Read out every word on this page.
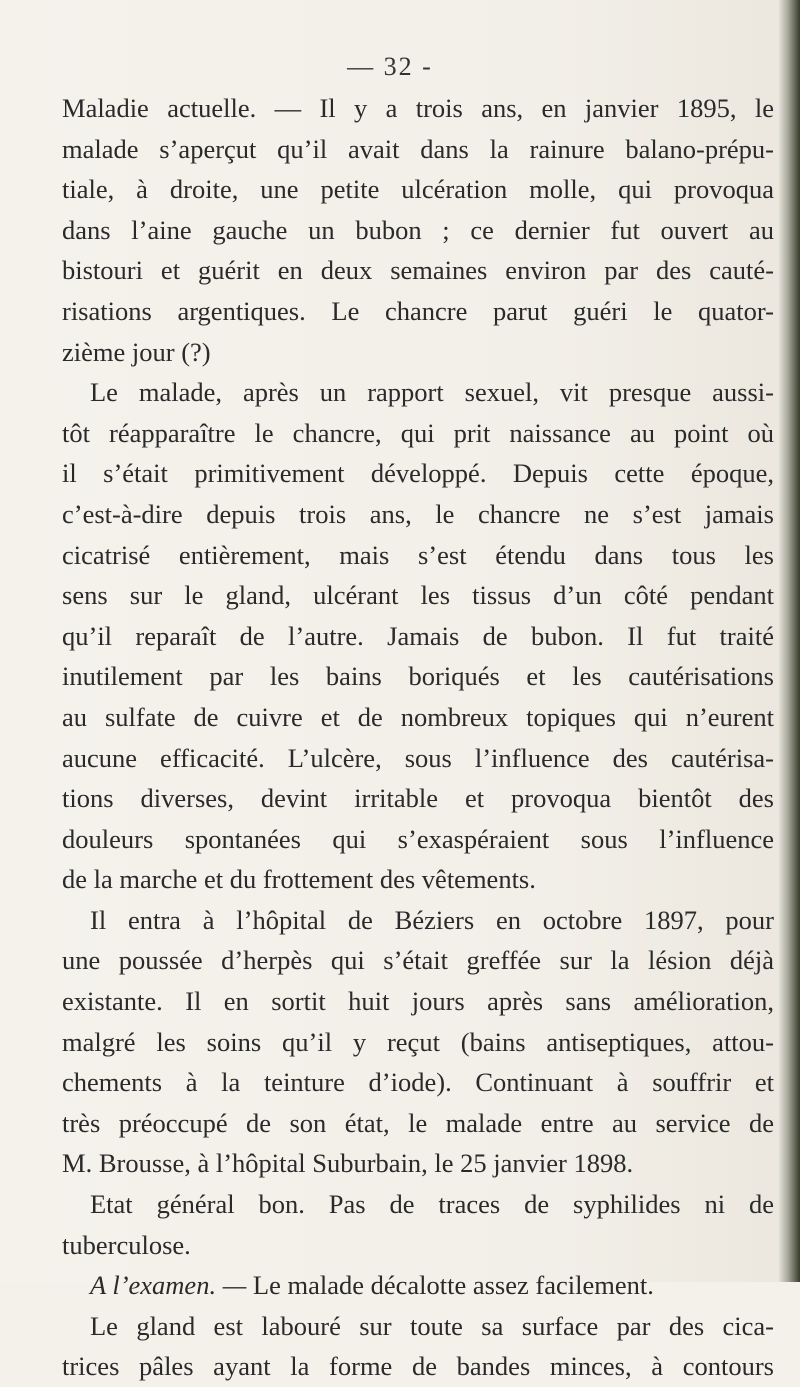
— 32 -
Maladie actuelle. — Il y a trois ans, en janvier 1895, le
malade s’aperçut qu’il avait dans la rainure balano-prépu-
tiale, à droite, une petite ulcération molle, qui provoqua
dans l’aine gauche un bubon ; ce dernier fut ouvert au
bistouri et guérit en deux semaines environ par des cauté-
risations argentiques. Le chancre parut guéri le quator-
zième jour (?)
Le malade, après un rapport sexuel, vit presque aussi-
tôt réapparaître le chancre, qui prit naissance au point où
il s’était primitivement développé. Depuis cette époque,
c’est-à-dire depuis trois ans, le chancre ne s’est jamais
cicatrisé entièrement, mais s’est étendu dans tous les
sens sur le gland, ulcérant les tissus d’un côté pendant
qu’il reparaît de l’autre. Jamais de bubon. Il fut traité
inutilement par les bains boriqués et les cautérisations
au sulfate de cuivre et de nombreux topiques qui n’eurent
aucune efficacité. L’ulcère, sous l’influence des cautérisa-
tions diverses, devint irritable et provoqua bientôt des
douleurs spontanées qui s’exaspéraient sous l’influence
de la marche et du frottement des vêtements.
Il entra à l’hôpital de Béziers en octobre 1897, pour
une poussée d’herpès qui s’était greffée sur la lésion déjà
existante. Il en sortit huit jours après sans amélioration,
malgré les soins qu’il y reçut (bains antiseptiques, attou-
chements à la teinture d’iode). Continuant à souffrir et
très préoccupé de son état, le malade entre au service de
M. Brousse, à l’hôpital Suburbain, le 25 janvier 1898.
Etat général bon. Pas de traces de syphilides ni de
tuberculose.
A l’examen. — Le malade décalotte assez facilement.
Le gland est labouré sur toute sa surface par des cica-
trices pâles ayant la forme de bandes minces, à contours
